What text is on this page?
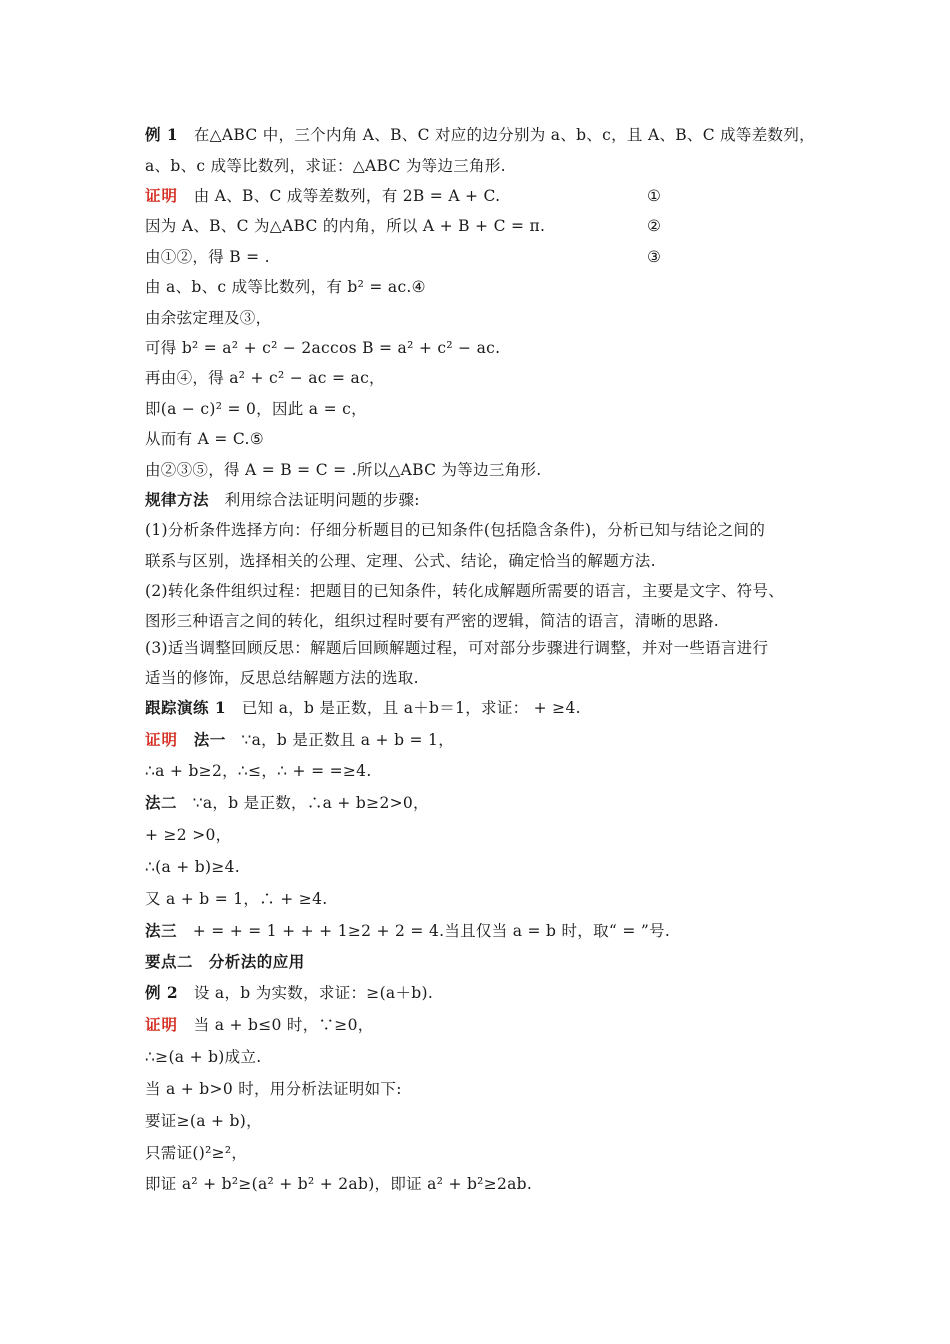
例 1 在△ABC 中，三个内角 A、B、C 对应的边分别为 a、b、c，且 A、B、C 成等差数列，
a、b、c 成等比数列，求证：△ABC 为等边三角形.
证明 由 A、B、C 成等差数列，有 2B = A + C.	①
因为 A、B、C 为△ABC 的内角，所以 A + B + C = π.	②
由①②，得 B = .	③
由 a、b、c 成等比数列，有 b² = ac.④
由余弦定理及③，
可得 b² = a² + c² − 2accos B = a² + c² − ac.
再由④，得 a² + c² − ac = ac，
即(a − c)² = 0，因此 a = c，
从而有 A = C.⑤
由②③⑤，得 A = B = C = .所以△ABC 为等边三角形.
规律方法 利用综合法证明问题的步骤:
(1)分析条件选择方向：仔细分析题目的已知条件(包括隐含条件)，分析已知与结论之间的
联系与区别，选择相关的公理、定理、公式、结论，确定恰当的解题方法.
(2)转化条件组织过程：把题目的已知条件，转化成解题所需要的语言，主要是文字、符号、
图形三种语言之间的转化，组织过程时要有严密的逻辑，简洁的语言，清晰的思路.
(3)适当调整回顾反思：解题后回顾解题过程，可对部分步骤进行调整，并对一些语言进行
适当的修饰，反思总结解题方法的选取.
跟踪演练 1 已知 a，b 是正数，且 a＋b＝1，求证： + ≥4.
证明 法一 ∵a，b 是正数且 a + b = 1，
∴a + b≥2，∴≤，∴ + = =≥4.
法二 ∵a，b 是正数，∴a + b≥2>0，
+ ≥2 >0，
∴(a + b)≥4.
又 a + b = 1，∴ + ≥4.
法三   + = + = 1 + + + 1≥2 + 2 = 4.当且仅当 a = b 时，取“ = ”号.
要点二 分析法的应用
例 2 设 a，b 为实数，求证：≥(a＋b).
证明 当 a + b≤0 时，∵≥0，
∴≥(a + b)成立.
当 a + b>0 时，用分析法证明如下:
要证≥(a + b)，
只需证()²≥²，
即证 a² + b²≥(a² + b² + 2ab)，即证 a² + b²≥2ab.
